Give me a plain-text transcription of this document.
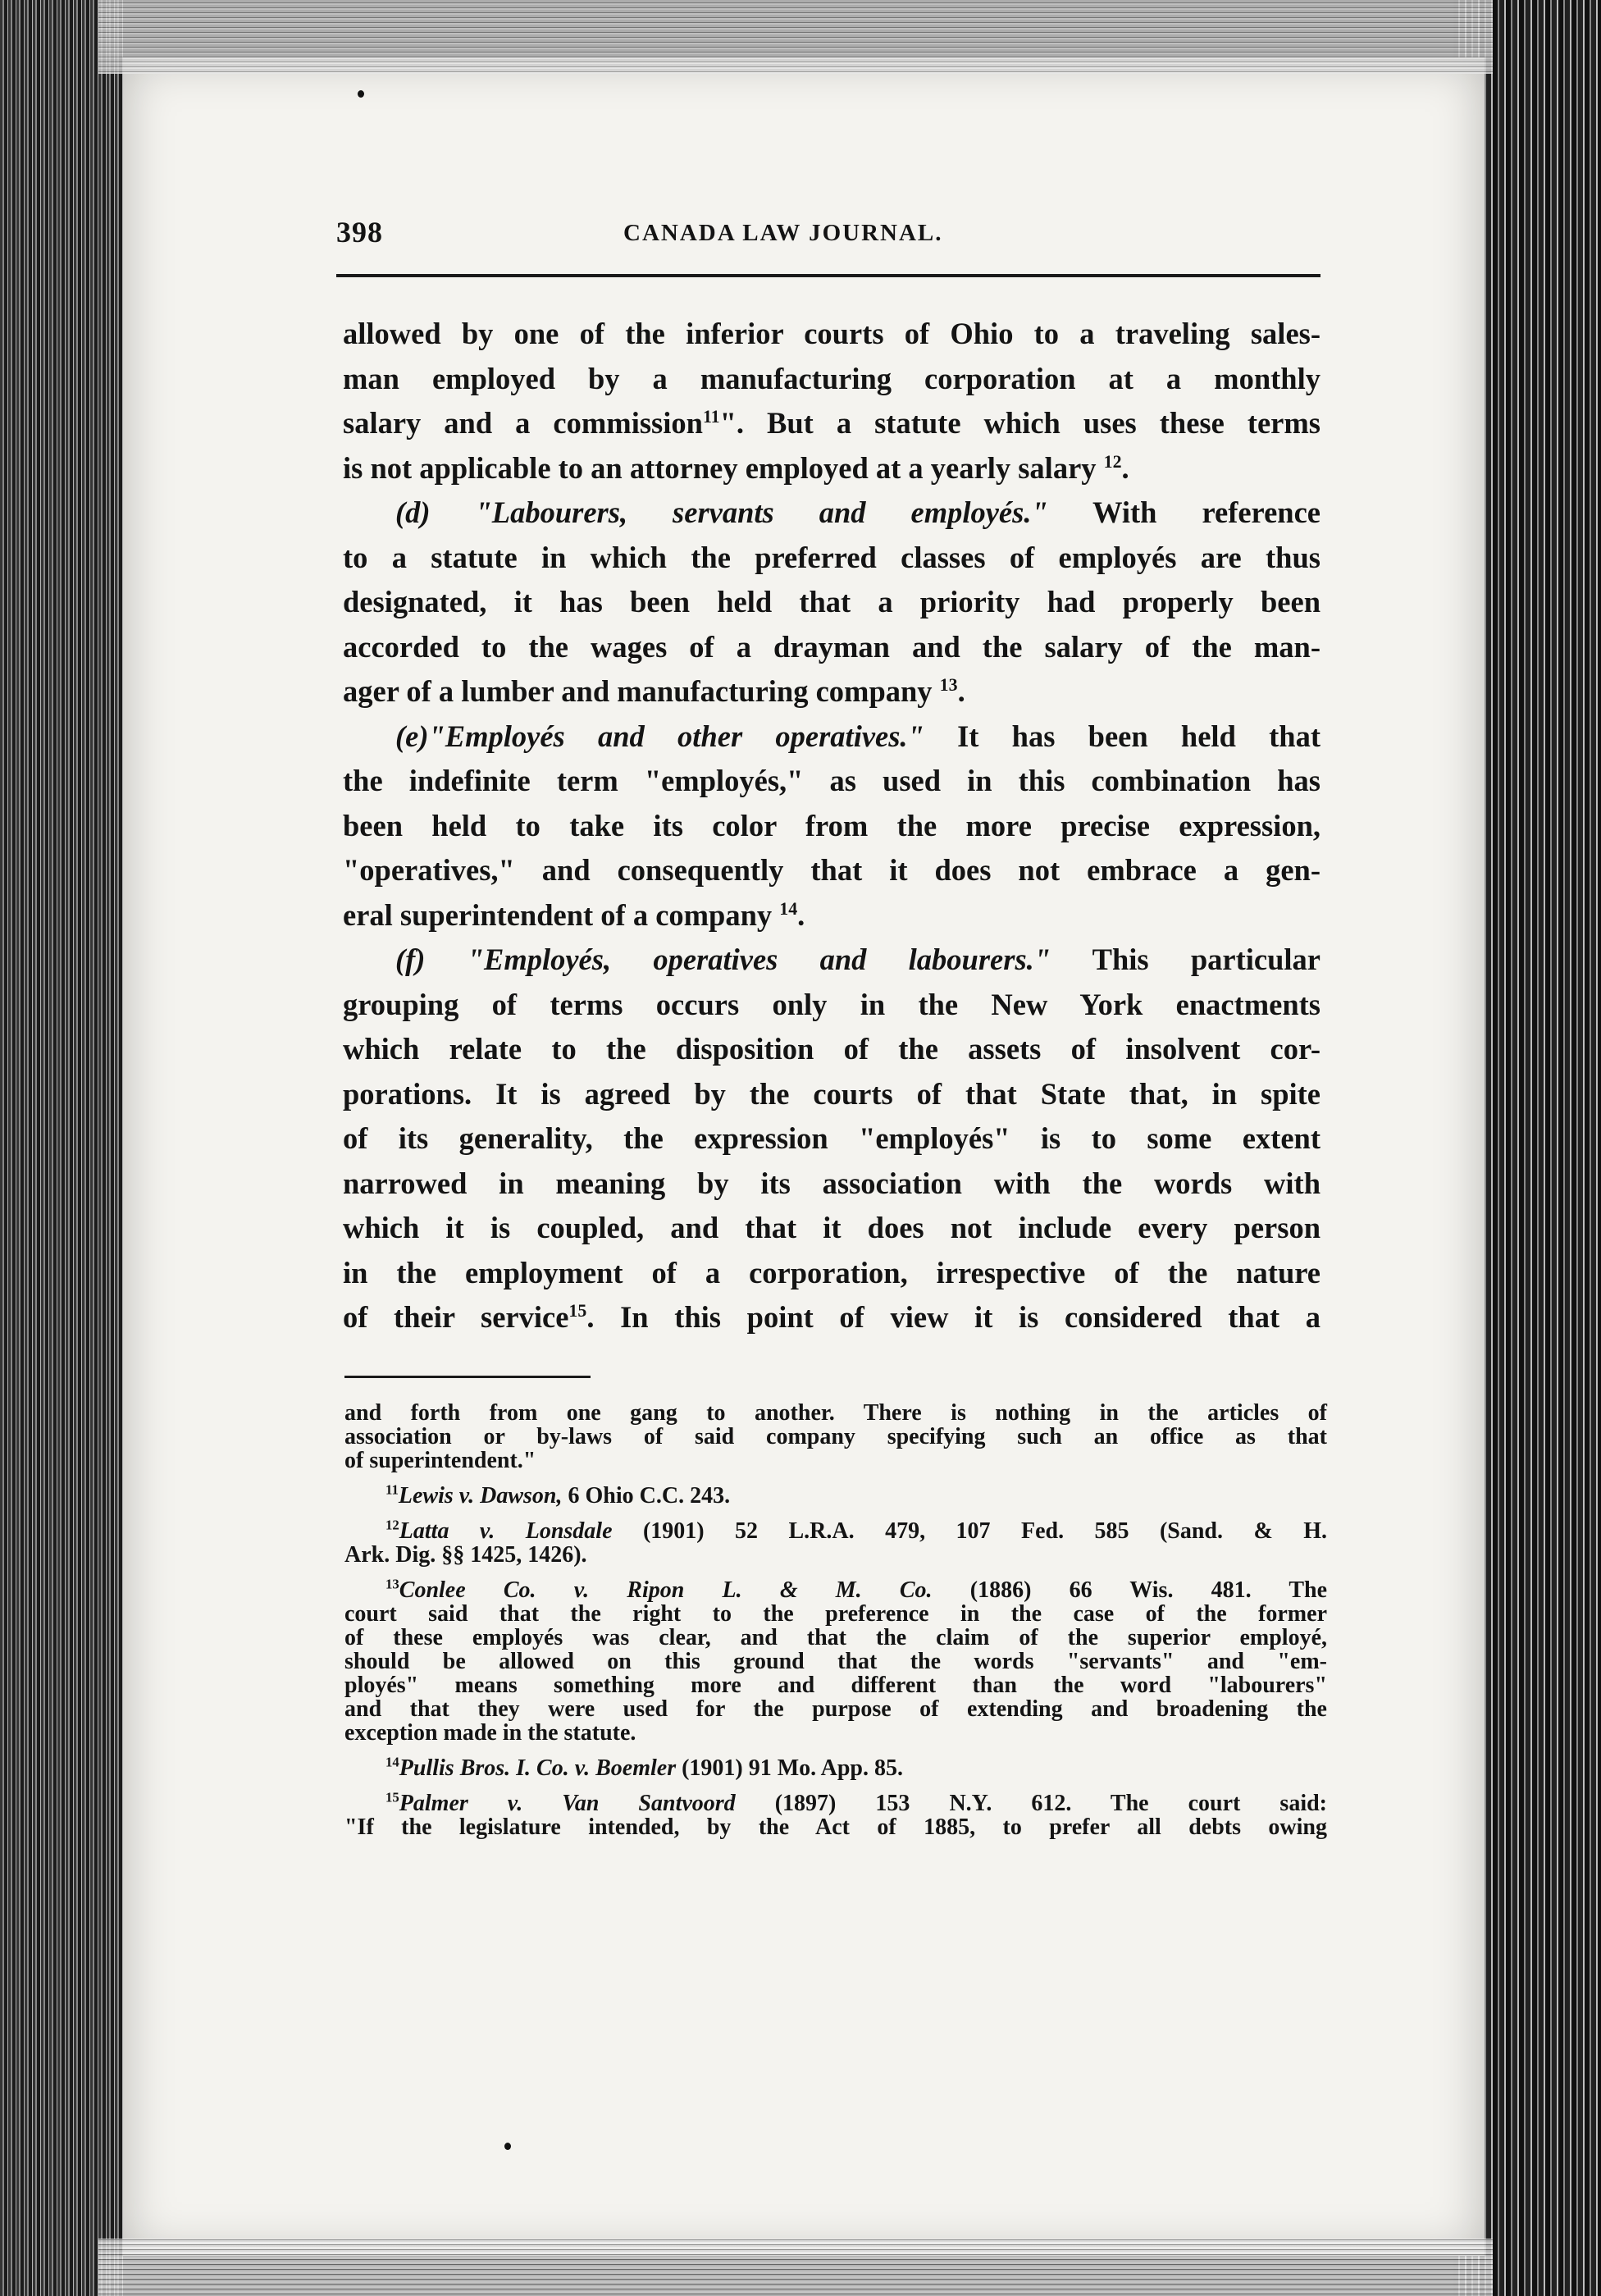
398	CANADA LAW JOURNAL.

allowed by one of the inferior courts of Ohio to a traveling sales-
man employed by a manufacturing corporation at a monthly
salary and a commission$^{11}$". But a statute which uses these terms
is not applicable to an attorney employed at a yearly salary $^{12}$.

(d) "Labourers, servants and employés." With reference
to a statute in which the preferred classes of employés are thus
designated, it has been held that a priority had properly been
accorded to the wages of a drayman and the salary of the man-
ager of a lumber and manufacturing company $^{13}$.

(e)"Employés and other operatives." It has been held that
the indefinite term "employés," as used in this combination has
been held to take its color from the more precise expression,
"operatives," and consequently that it does not embrace a gen-
eral superintendent of a company $^{14}$.

(f) "Employés, operatives and labourers." This particular
grouping of terms occurs only in the New York enactments
which relate to the disposition of the assets of insolvent cor-
porations. It is agreed by the courts of that State that, in spite
of its generality, the expression "employés" is to some extent
narrowed in meaning by its association with the words with
which it is coupled, and that it does not include every person
in the employment of a corporation, irrespective of the nature
of their service$^{15}$. In this point of view it is considered that a

and forth from one gang to another. There is nothing in the articles of
association or by-laws of said company specifying such an office as that
of superintendent."
$^{11}$Lewis v. Dawson, 6 Ohio C.C. 243.
$^{12}$Latta v. Lonsdale (1901) 52 L.R.A. 479, 107 Fed. 585 (Sand. & H.
Ark. Dig. §§ 1425, 1426).
$^{13}$Conlee Co. v. Ripon L. & M. Co. (1886) 66 Wis. 481. The
court said that the right to the preference in the case of the former
of these employés was clear, and that the claim of the superior employé,
should be allowed on this ground that the words "servants" and "em-
ployés" means something more and different than the word "labourers"
and that they were used for the purpose of extending and broadening the
exception made in the statute.
$^{14}$Pullis Bros. I. Co. v. Boemler (1901) 91 Mo. App. 85.
$^{15}$Palmer v. Van Santvoord (1897) 153 N.Y. 612. The court said:
"If the legislature intended, by the Act of 1885, to prefer all debts owing
